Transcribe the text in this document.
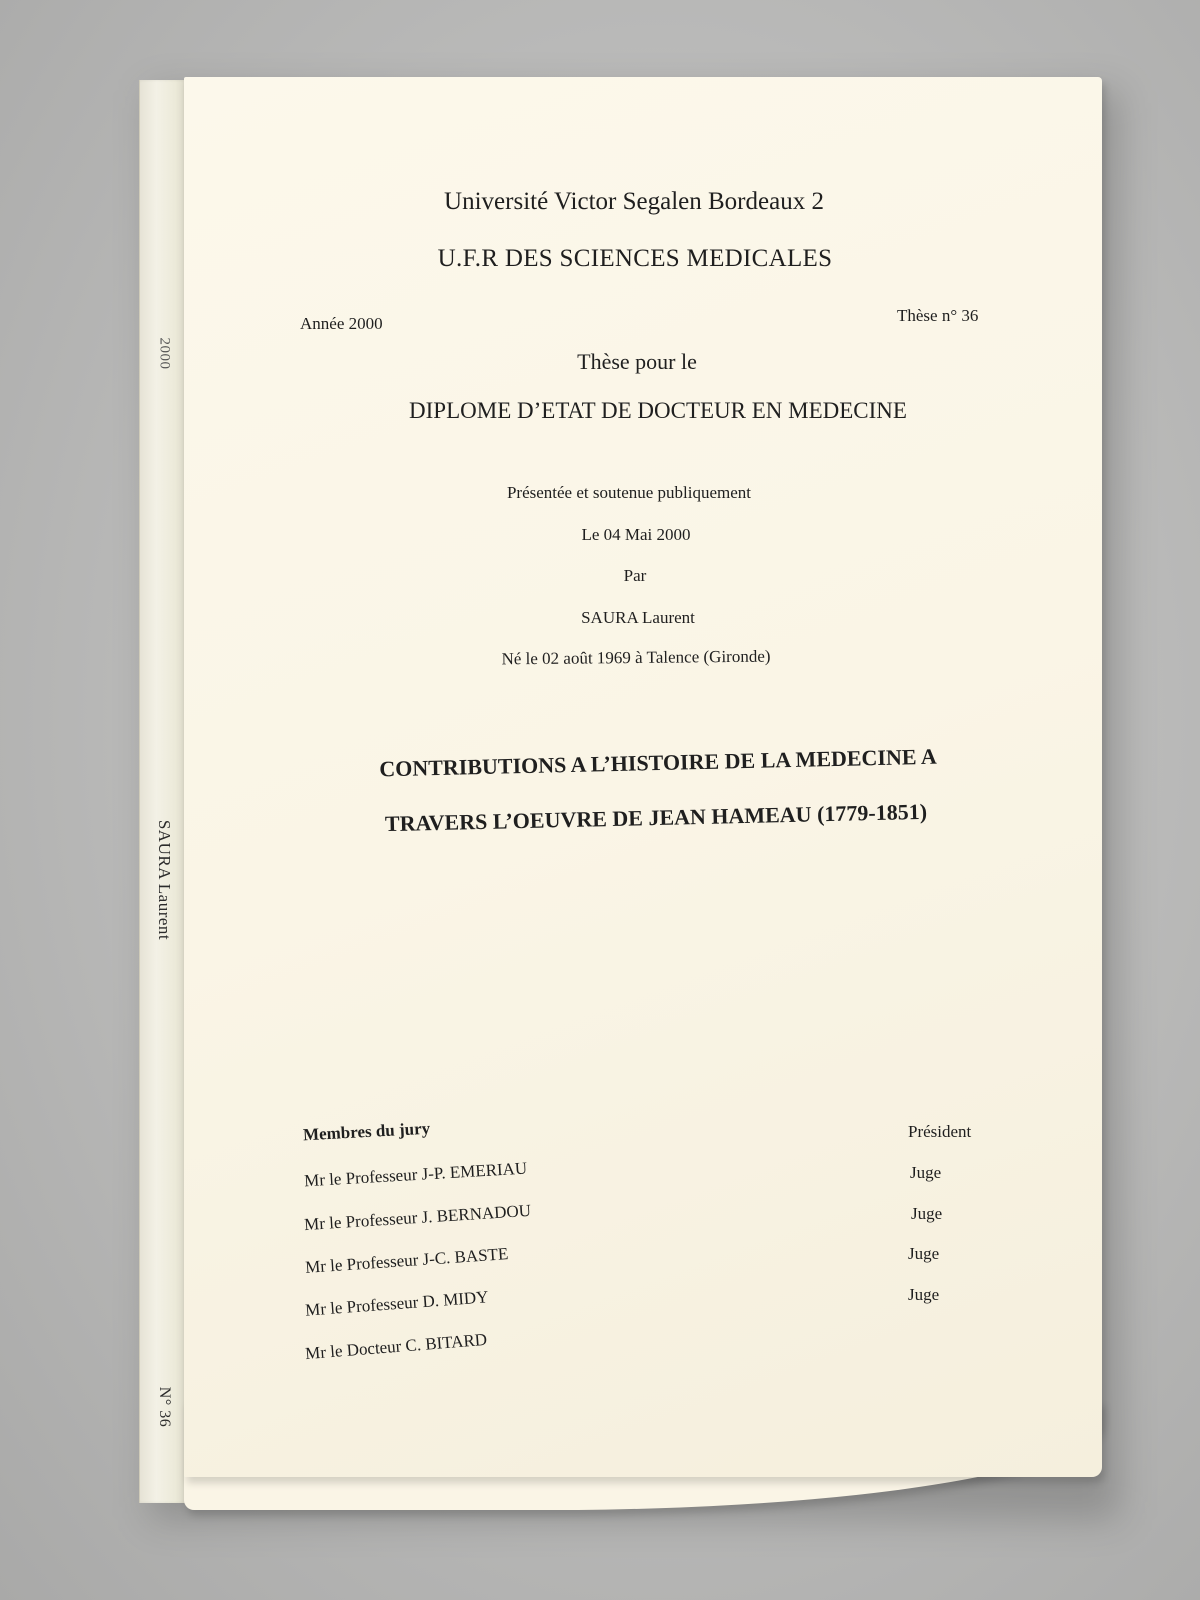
2000
SAURA Laurent
N° 36
Université Victor Segalen Bordeaux 2
U.F.R DES SCIENCES MEDICALES
Année 2000	Thèse n° 36
Thèse pour le
DIPLOME D’ETAT DE DOCTEUR EN MEDECINE
Présentée et soutenue publiquement
Le 04 Mai 2000
Par
SAURA Laurent
Né le 02 août 1969 à Talence (Gironde)
CONTRIBUTIONS A L’HISTOIRE DE LA MEDECINE A
TRAVERS L’OEUVRE DE JEAN HAMEAU (1779-1851)
Membres du jury
Mr le Professeur J-P. EMERIAU
Mr le Professeur J. BERNADOU
Mr le Professeur J-C. BASTE
Mr le Professeur D. MIDY
Mr le Docteur C. BITARD
Président
Juge
Juge
Juge
Juge
